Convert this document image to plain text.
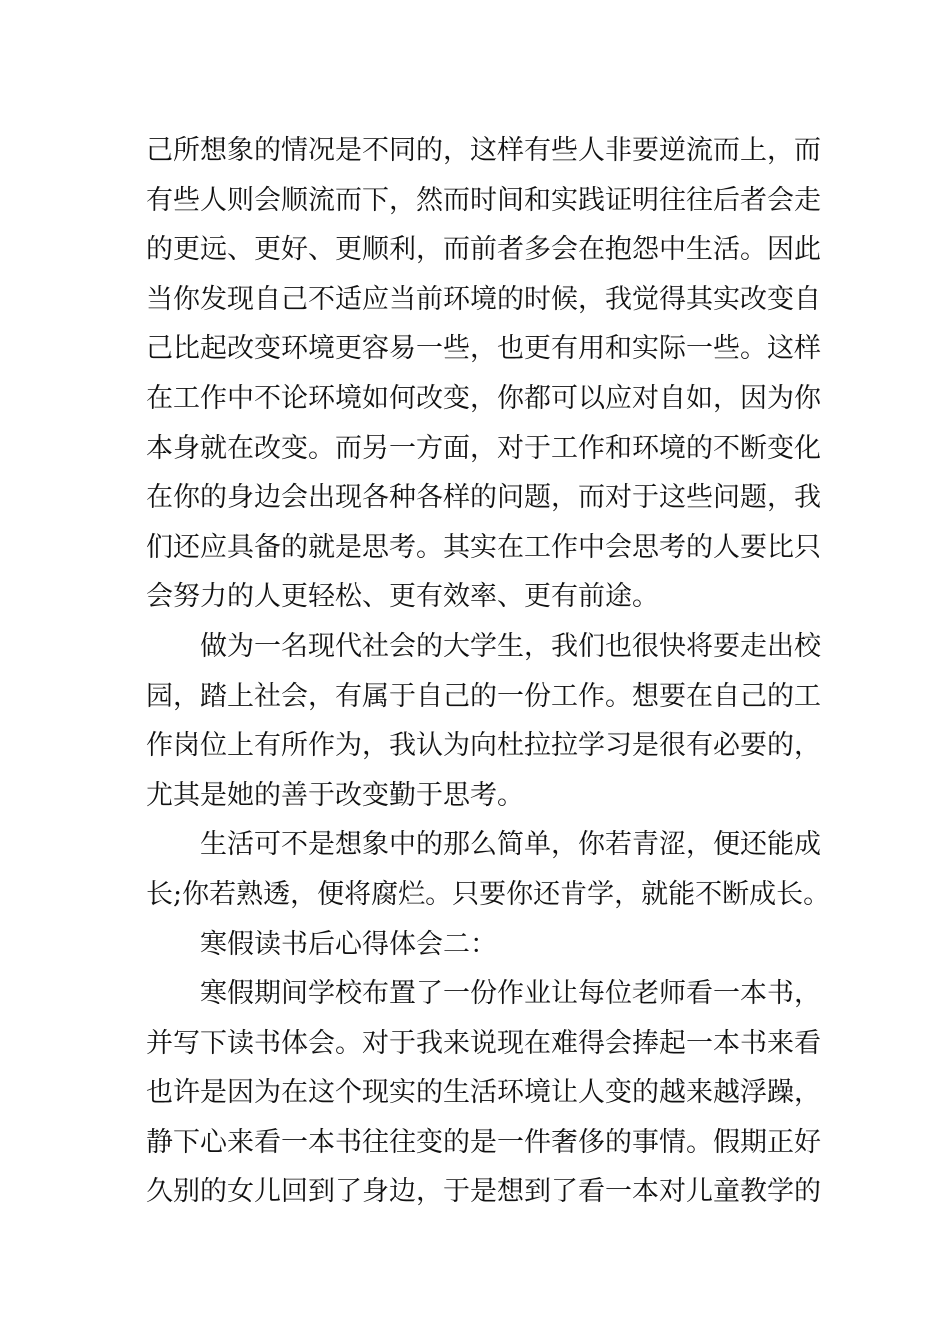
己所想象的情况是不同的，这样有些人非要逆流而上，而
有些人则会顺流而下，然而时间和实践证明往往后者会走
的更远、更好、更顺利，而前者多会在抱怨中生活。因此
当你发现自己不适应当前环境的时候，我觉得其实改变自
己比起改变环境更容易一些，也更有用和实际一些。这样
在工作中不论环境如何改变，你都可以应对自如，因为你
本身就在改变。而另一方面，对于工作和环境的不断变化
在你的身边会出现各种各样的问题，而对于这些问题，我
们还应具备的就是思考。其实在工作中会思考的人要比只
会努力的人更轻松、更有效率、更有前途。
做为一名现代社会的大学生，我们也很快将要走出校
园，踏上社会，有属于自己的一份工作。想要在自己的工
作岗位上有所作为，我认为向杜拉拉学习是很有必要的，
尤其是她的善于改变勤于思考。
生活可不是想象中的那么简单，你若青涩，便还能成
长;你若熟透，便将腐烂。只要你还肯学，就能不断成长。
寒假读书后心得体会二：
寒假期间学校布置了一份作业让每位老师看一本书，
并写下读书体会。对于我来说现在难得会捧起一本书来看
也许是因为在这个现实的生活环境让人变的越来越浮躁，
静下心来看一本书往往变的是一件奢侈的事情。假期正好
久别的女儿回到了身边，于是想到了看一本对儿童教学的
